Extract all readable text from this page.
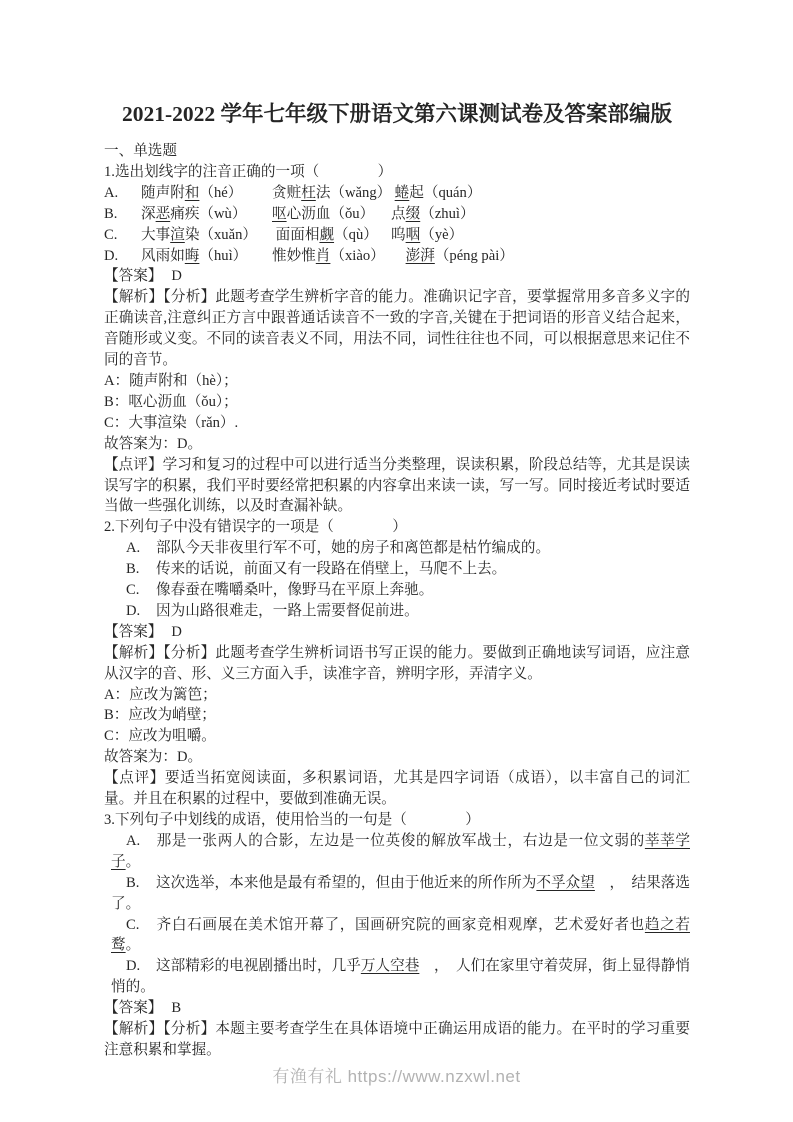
2021-2022 学年七年级下册语文第六课测试卷及答案部编版
一、单选题
1.选出划线字的注音正确的一项（　　　　）
A.	随声附和（hé）	贪赃枉法（wǎng） 蜷起（quán）
B.	深恶痛疾（wù）	呕心沥血（ǒu）	点缀（zhuì）
C.	大事渲染（xuǎn）	面面相觑（qù） 呜咽（yè）
D.	风雨如晦（huì）	惟妙惟肖（xiào）
　	澎湃（péng pài）
【答案】 D
【解析】【分析】此题考查学生辨析字音的能力。准确识记字音，要掌握常用多音多义字的正确读音,注意纠正方言中跟普通话读音不一致的字音,关键在于把词语的形音义结合起来，音随形或义变。不同的读音表义不同，用法不同，词性往往也不同，可以根据意思来记住不同的音节。
A：随声附和（hè）；
B：呕心沥血（ǒu）；
C：大事渲染（rǎn）.
故答案为：D。
【点评】学习和复习的过程中可以进行适当分类整理，误读积累，阶段总结等，尤其是误读误写字的积累，我们平时要经常把积累的内容拿出来读一读，写一写。同时接近考试时要适当做一些强化训练，以及时查漏补缺。
2.下列句子中没有错误字的一项是（　　　　）
A. 部队今天非夜里行军不可，她的房子和离笆都是枯竹编成的。
B. 传来的话说，前面又有一段路在俏壁上，马爬不上去。
C. 像春蚕在嘴嚼桑叶，像野马在平原上奔驰。
D. 因为山路很难走，一路上需要督促前进。
【答案】 D
【解析】【分析】此题考查学生辨析词语书写正误的能力。要做到正确地读写词语，应注意从汉字的音、形、义三方面入手，读准字音，辨明字形，弄清字义。
A：应改为篱笆；
B：应改为峭壁；
C：应改为咀嚼。
故答案为：D。
【点评】要适当拓宽阅读面，多积累词语，尤其是四字词语（成语），以丰富自己的词汇量。并且在积累的过程中，要做到准确无误。
3.下列句子中划线的成语，使用恰当的一句是（　　　　）
A. 那是一张两人的合影，左边是一位英俊的解放军战士，右边是一位文弱的莘莘学子。
B. 这次选举，本来他是最有希望的，但由于他近来的所作所为不孚众望　，　结果落选了。
C. 齐白石画展在美术馆开幕了，国画研究院的画家竞相观摩，艺术爱好者也趋之若鹜。
D. 这部精彩的电视剧播出时，几乎万人空巷　，　人们在家里守着荧屏，街上显得静悄悄的。
【答案】 B
【解析】【分析】本题主要考查学生在具体语境中正确运用成语的能力。在平时的学习重要注意积累和掌握。
有渔有礼 https://www.nzxwl.net
